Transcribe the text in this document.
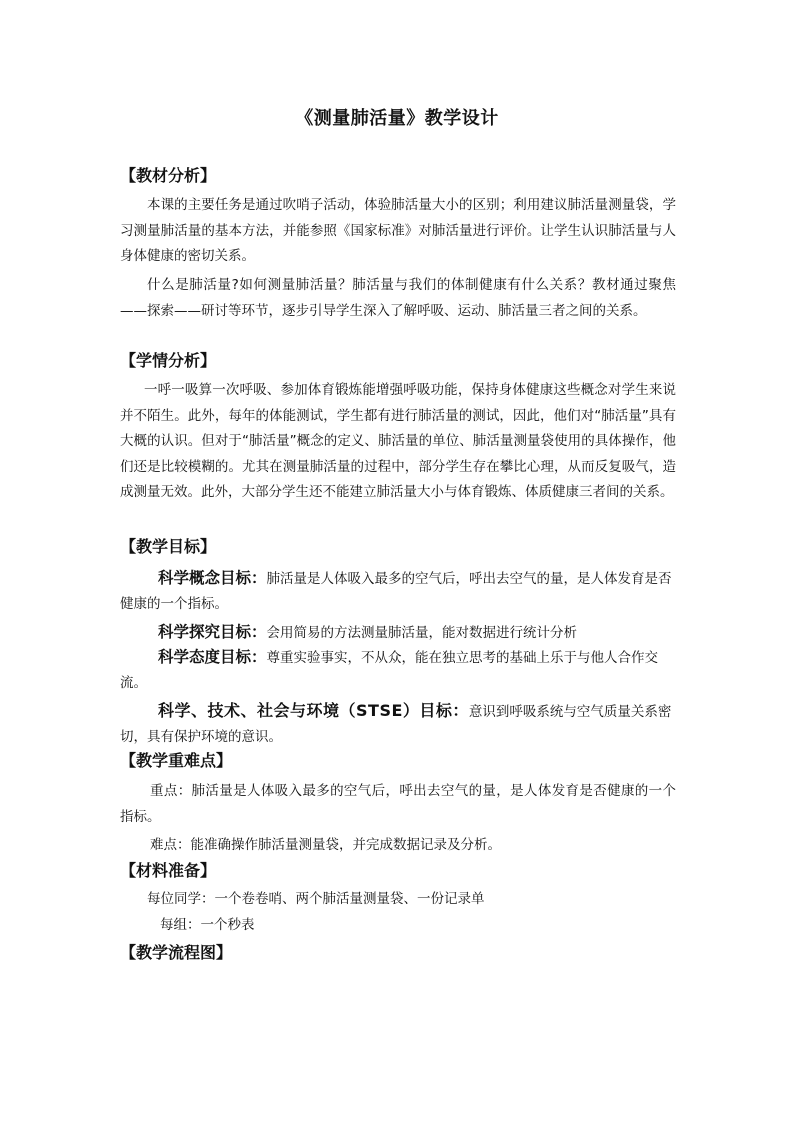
《测量肺活量》教学设计
【教材分析】
本课的主要任务是通过吹哨子活动，体验肺活量大小的区别；利用建议肺活量测量袋，学习测量肺活量的基本方法，并能参照《国家标准》对肺活量进行评价。让学生认识肺活量与人身体健康的密切关系。
什么是肺活量?如何测量肺活量？肺活量与我们的体制健康有什么关系？教材通过聚焦——探索——研讨等环节，逐步引导学生深入了解呼吸、运动、肺活量三者之间的关系。
【学情分析】
一呼一吸算一次呼吸、参加体育锻炼能增强呼吸功能，保持身体健康这些概念对学生来说并不陌生。此外，每年的体能测试，学生都有进行肺活量的测试，因此，他们对“肺活量”具有大概的认识。但对于“肺活量”概念的定义、肺活量的单位、肺活量测量袋使用的具体操作，他们还是比较模糊的。尤其在测量肺活量的过程中，部分学生存在攀比心理，从而反复吸气，造成测量无效。此外，大部分学生还不能建立肺活量大小与体育锻炼、体质健康三者间的关系。
【教学目标】
科学概念目标：肺活量是人体吸入最多的空气后，呼出去空气的量，是人体发育是否健康的一个指标。
科学探究目标：会用简易的方法测量肺活量，能对数据进行统计分析
科学态度目标：尊重实验事实，不从众，能在独立思考的基础上乐于与他人合作交流。
科学、技术、社会与环境（STSE）目标：意识到呼吸系统与空气质量关系密切，具有保护环境的意识。
【教学重难点】
重点：肺活量是人体吸入最多的空气后，呼出去空气的量，是人体发育是否健康的一个指标。
难点：能准确操作肺活量测量袋，并完成数据记录及分析。
【材料准备】
每位同学：一个卷卷哨、两个肺活量测量袋、一份记录单
每组：一个秒表
【教学流程图】
